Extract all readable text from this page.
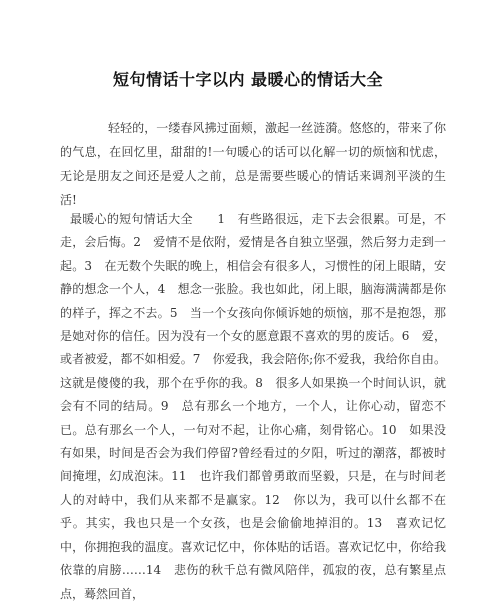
短句情话十字以内 最暖心的情话大全

轻轻的，一缕春风拂过面颊，激起一丝涟漪。悠悠的，带来了你的气息，在回忆里，甜甜的!一句暖心的话可以化解一切的烦恼和忧虑，无论是朋友之间还是爱人之前，总是需要些暖心的情话来调剂平淡的生活!

最暖心的短句情话大全　　1　有些路很远，走下去会很累。可是，不走，会后悔。2　爱情不是依附，爱情是各自独立坚强，然后努力走到一起。3　在无数个失眠的晚上，相信会有很多人，习惯性的闭上眼睛，安静的想念一个人，4　想念一张脸。我也如此，闭上眼，脑海满满都是你的样子，挥之不去。5　当一个女孩向你倾诉她的烦恼，那不是抱怨，那是她对你的信任。因为没有一个女的愿意跟不喜欢的男的废话。6　爱，或者被爱，都不如相爱。7　你爱我，我会陪你;你不爱我，我给你自由。这就是傻傻的我，那个在乎你的我。8　很多人如果换一个时间认识，就会有不同的结局。9　总有那幺一个地方，一个人，让你心动，留恋不已。总有那幺一个人，一句对不起，让你心痛，刻骨铭心。10　如果没有如果，时间是否会为我们停留?曾经看过的夕阳，听过的潮落，都被时间掩埋，幻成泡沫。11　也许我们都曾勇敢而坚毅，只是，在与时间老人的对峙中，我们从来都不是赢家。12　你以为，我可以什幺都不在乎。其实，我也只是一个女孩，也是会偷偷地掉泪的。13　喜欢记忆中，你拥抱我的温度。喜欢记忆中，你体贴的话语。喜欢记忆中，你给我依靠的肩膀……14　悲伤的秋千总有微风陪伴，孤寂的夜，总有繁星点点，蓦然回首，
